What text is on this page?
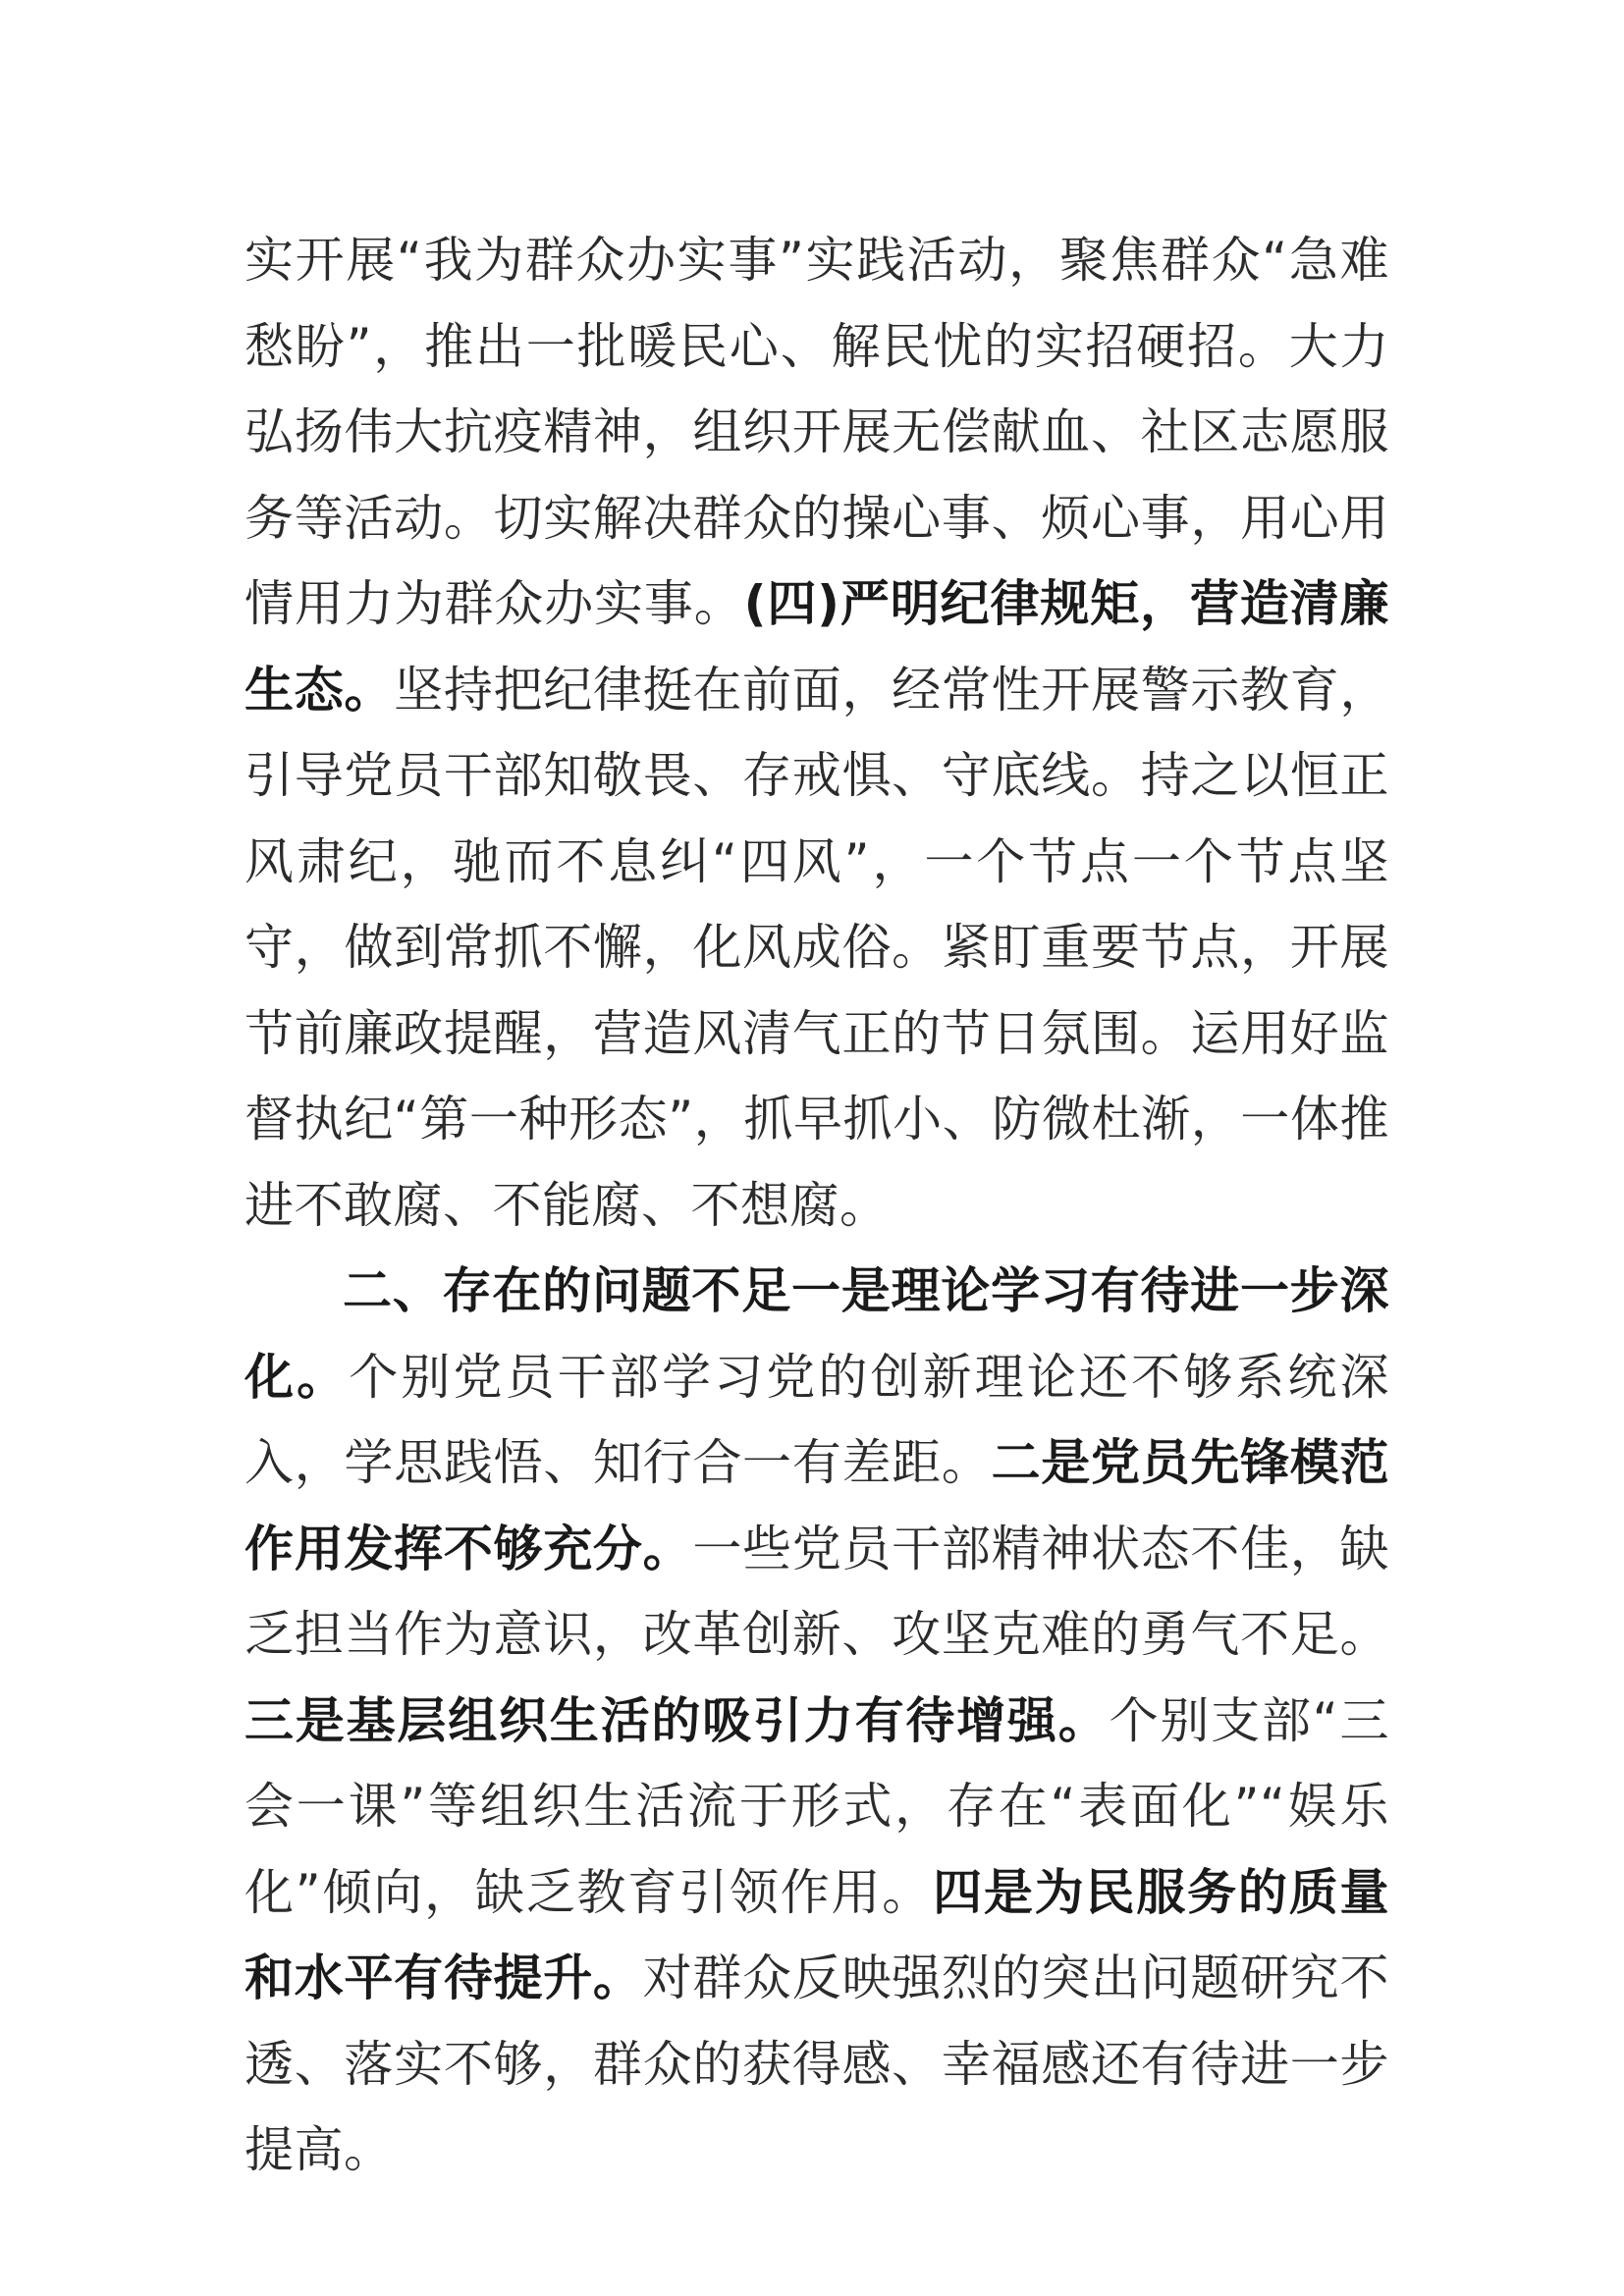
实开展“我为群众办实事”实践活动，聚焦群众“急难愁盼”，推出一批暖民心、解民忧的实招硬招。大力弘扬伟大抗疫精神，组织开展无偿献血、社区志愿服务等活动。切实解决群众的操心事、烦心事，用心用情用力为群众办实事。(四)严明纪律规矩，营造清廉生态。坚持把纪律挺在前面，经常性开展警示教育，引导党员干部知敬畏、存戒惧、守底线。持之以恒正风肃纪，驰而不息纠“四风”，一个节点一个节点坚守，做到常抓不懈，化风成俗。紧盯重要节点，开展节前廉政提醒，营造风清气正的节日氛围。运用好监督执纪“第一种形态”，抓早抓小、防微杜渐，一体推进不敢腐、不能腐、不想腐。

二、存在的问题不足一是理论学习有待进一步深化。个别党员干部学习党的创新理论还不够系统深入，学思践悟、知行合一有差距。二是党员先锋模范作用发挥不够充分。一些党员干部精神状态不佳，缺乏担当作为意识，改革创新、攻坚克难的勇气不足。三是基层组织生活的吸引力有待增强。个别支部“三会一课”等组织生活流于形式，存在“表面化”“娱乐化”倾向，缺乏教育引领作用。四是为民服务的质量和水平有待提升。对群众反映强烈的突出问题研究不透、落实不够，群众的获得感、幸福感还有待进一步提高。
